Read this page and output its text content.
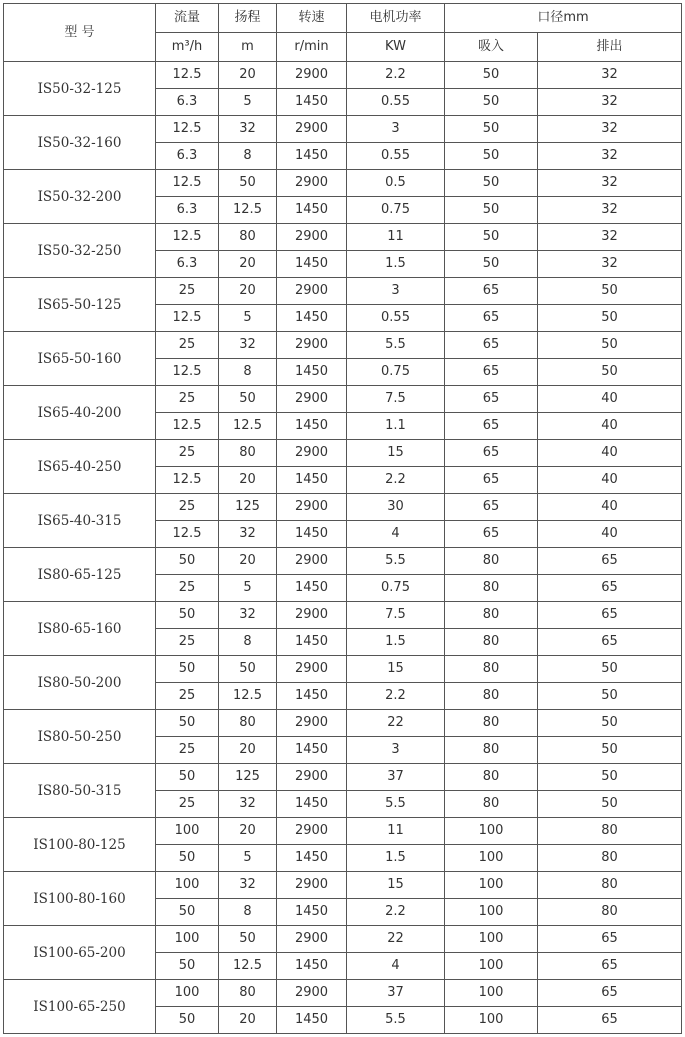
型 号	流量	扬程	转速	电机功率	口径mm	
	m³/h	m	r/min	KW	吸入	排出
IS50-32-125	12.5	20	2900	2.2	50	32
	6.3	5	1450	0.55	50	32
IS50-32-160	12.5	32	2900	3	50	32
	6.3	8	1450	0.55	50	32
IS50-32-200	12.5	50	2900	0.5	50	32
	6.3	12.5	1450	0.75	50	32
IS50-32-250	12.5	80	2900	11	50	32
	6.3	20	1450	1.5	50	32
IS65-50-125	25	20	2900	3	65	50
	12.5	5	1450	0.55	65	50
IS65-50-160	25	32	2900	5.5	65	50
	12.5	8	1450	0.75	65	50
IS65-40-200	25	50	2900	7.5	65	40
	12.5	12.5	1450	1.1	65	40
IS65-40-250	25	80	2900	15	65	40
	12.5	20	1450	2.2	65	40
IS65-40-315	25	125	2900	30	65	40
	12.5	32	1450	4	65	40
IS80-65-125	50	20	2900	5.5	80	65
	25	5	1450	0.75	80	65
IS80-65-160	50	32	2900	7.5	80	65
	25	8	1450	1.5	80	65
IS80-50-200	50	50	2900	15	80	50
	25	12.5	1450	2.2	80	50
IS80-50-250	50	80	2900	22	80	50
	25	20	1450	3	80	50
IS80-50-315	50	125	2900	37	80	50
	25	32	1450	5.5	80	50
IS100-80-125	100	20	2900	11	100	80
	50	5	1450	1.5	100	80
IS100-80-160	100	32	2900	15	100	80
	50	8	1450	2.2	100	80
IS100-65-200	100	50	2900	22	100	65
	50	12.5	1450	4	100	65
IS100-65-250	100	80	2900	37	100	65
	50	20	1450	5.5	100	65
